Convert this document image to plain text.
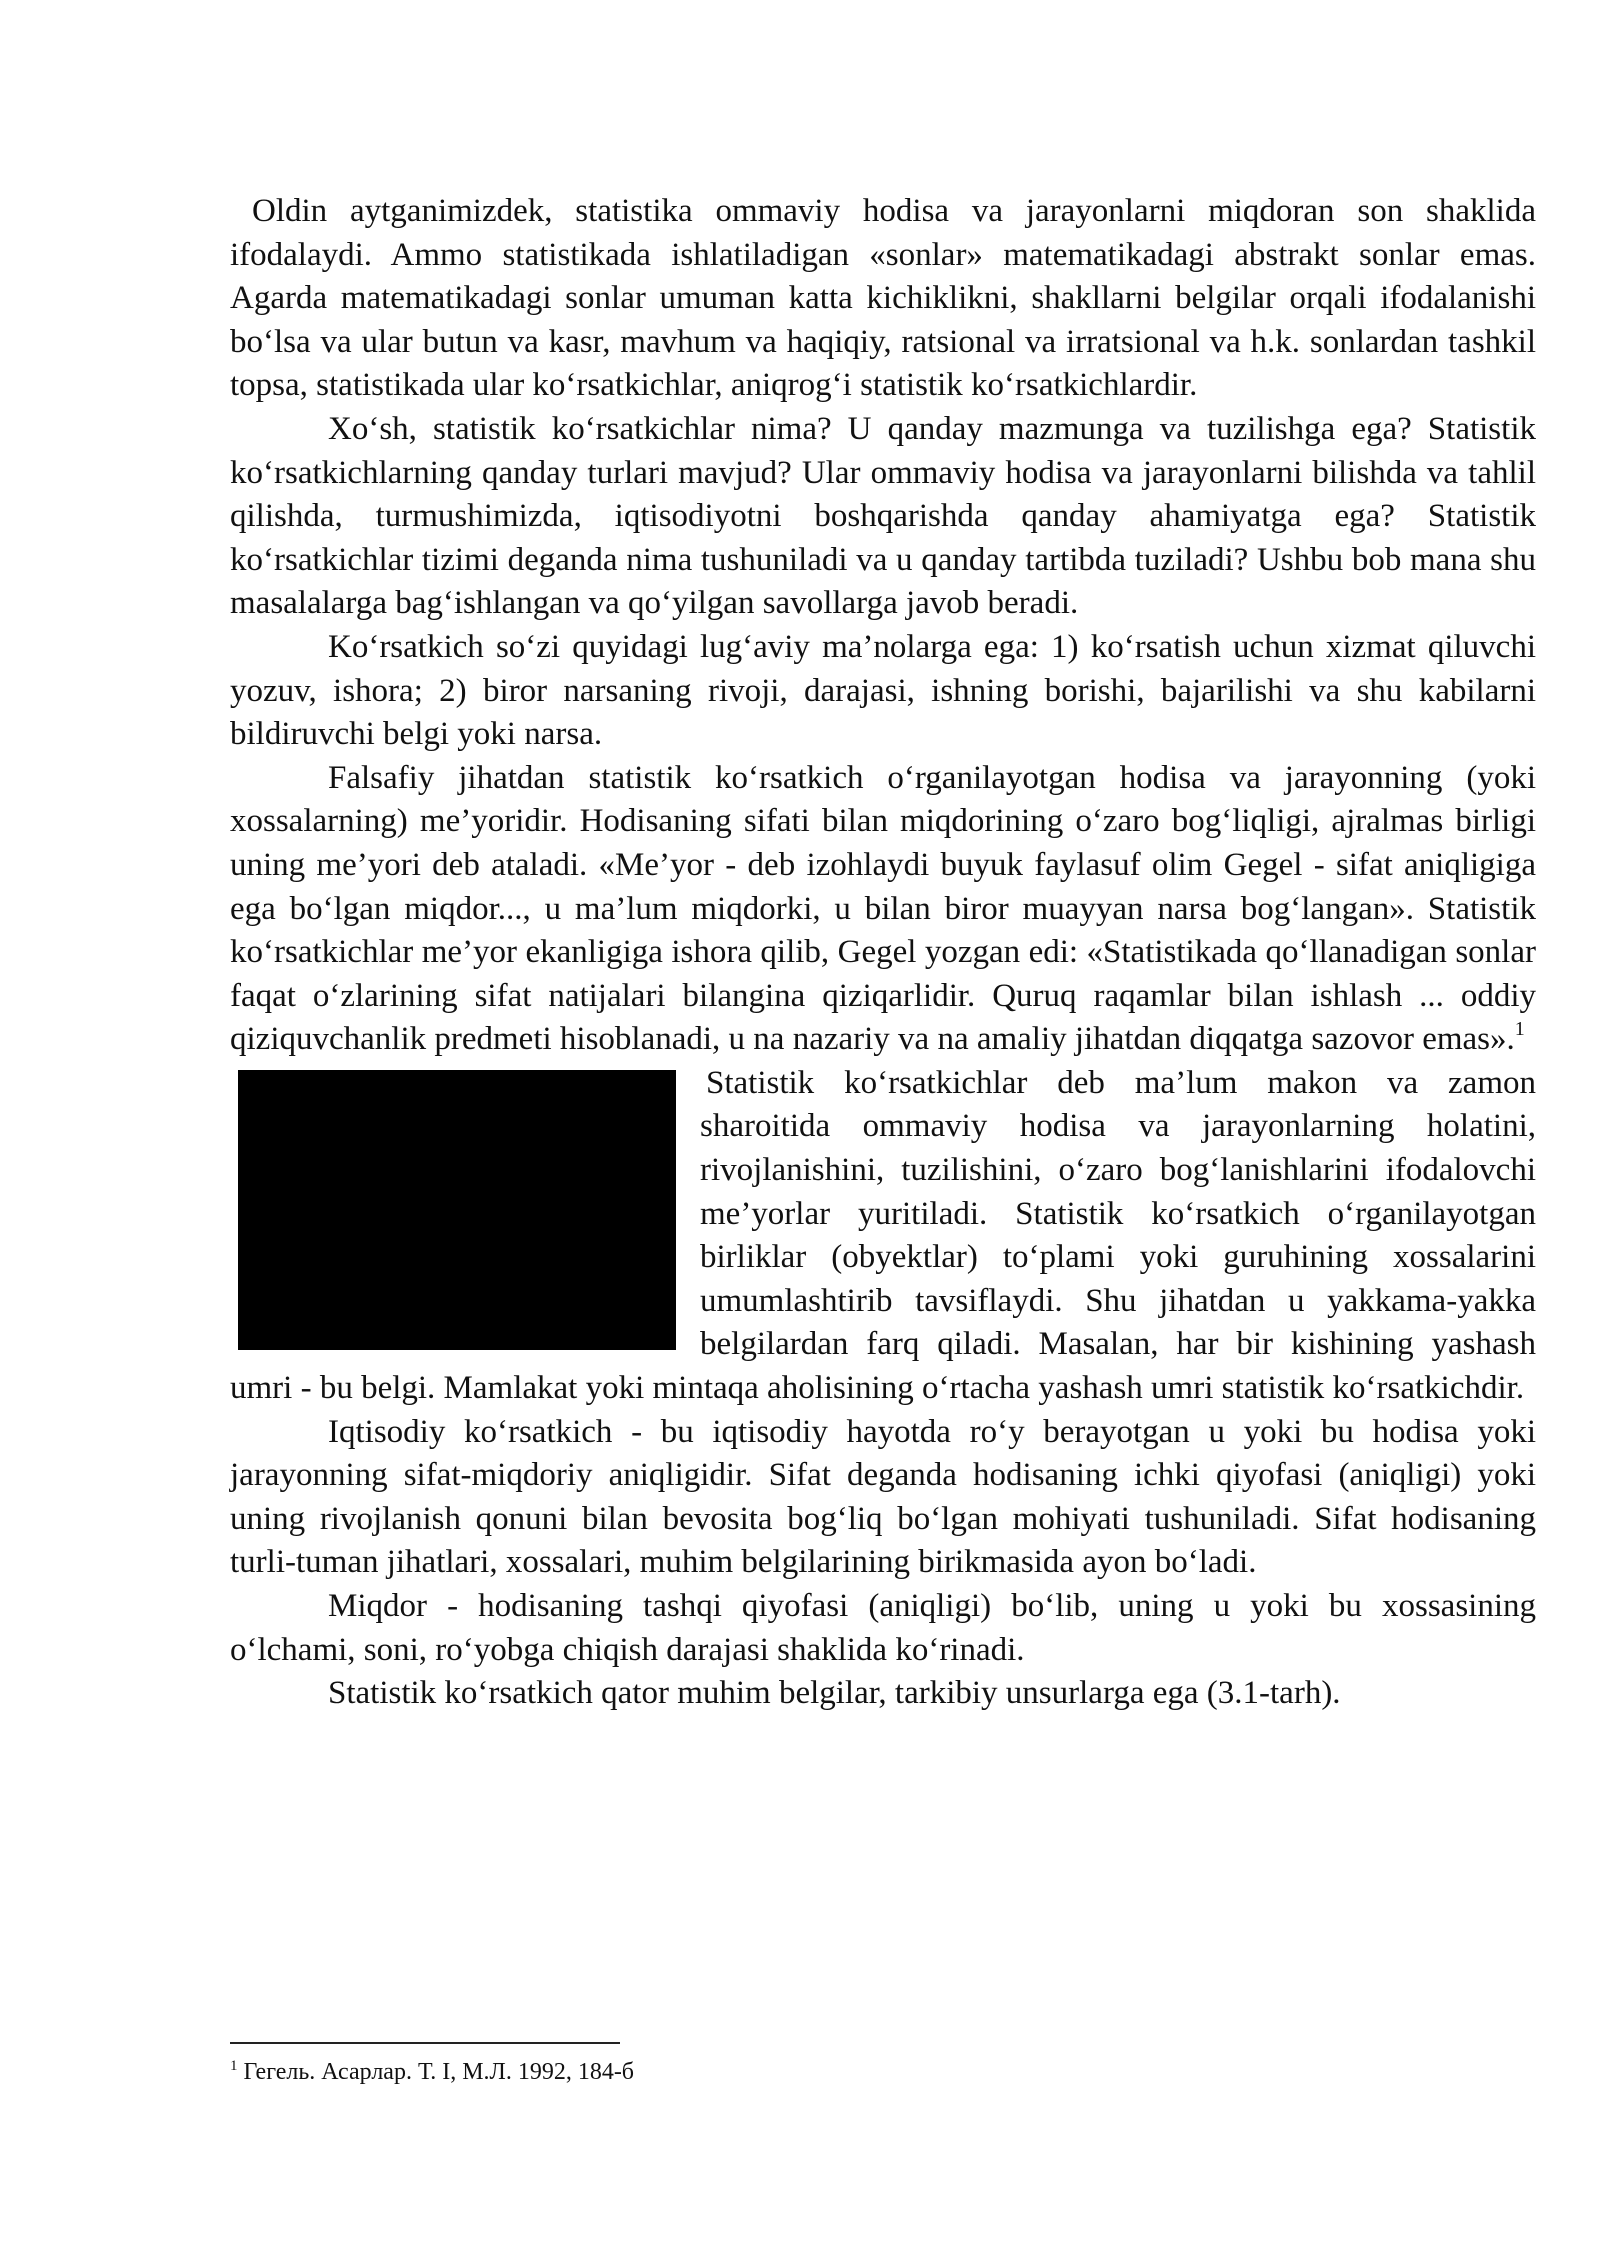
Oldin aytganimizdek, statistika ommaviy hodisa va jarayonlarni miqdoran son shaklida ifodalaydi. Ammo statistikada ishlatiladigan «sonlar» matematikadagi abstrakt sonlar emas. Agarda matematikadagi sonlar umuman katta kichiklikni, shakllarni belgilar orqali ifodalanishi bo‘lsa va ular butun va kasr, mavhum va haqiqiy, ratsional va irratsional va h.k. sonlardan tashkil topsa, statistikada ular ko‘rsatkichlar, aniqrog‘i statistik ko‘rsatkichlardir.

Xo‘sh, statistik ko‘rsatkichlar nima? U qanday mazmunga va tuzilishga ega? Statistik ko‘rsatkichlarning qanday turlari mavjud? Ular ommaviy hodisa va jarayonlarni bilishda va tahlil qilishda, turmushimizda, iqtisodiyotni boshqarishda qanday ahamiyatga ega? Statistik ko‘rsatkichlar tizimi deganda nima tushuniladi va u qanday tartibda tuziladi? Ushbu bob mana shu masalalarga bag‘ishlangan va qo‘yilgan savollarga javob beradi.

Ko‘rsatkich so‘zi quyidagi lug‘aviy ma’nolarga ega: 1) ko‘rsatish uchun xizmat qiluvchi yozuv, ishora; 2) biror narsaning rivoji, darajasi, ishning borishi, bajarilishi va shu kabilarni bildiruvchi belgi yoki narsa.

Falsafiy jihatdan statistik ko‘rsatkich o‘rganilayotgan hodisa va jarayonning (yoki xossalarning) me’yoridir. Hodisaning sifati bilan miqdorining o‘zaro bog‘liqligi, ajralmas birligi uning me’yori deb ataladi. «Me’yor - deb izohlaydi buyuk faylasuf olim Gegel - sifat aniqligiga ega bo‘lgan miqdor..., u ma’lum miqdorki, u bilan biror muayyan narsa bog‘langan». Statistik ko‘rsatkichlar me’yor ekanligiga ishora qilib, Gegel yozgan edi: «Statistikada qo‘llanadigan sonlar faqat o‘zlarining sifat natijalari bilangina qiziqarlidir. Quruq raqamlar bilan ishlash ... oddiy qiziquvchanlik predmeti hisoblanadi, u na nazariy va na amaliy jihatdan diqqatga sazovor emas».$^1$

Statistik ko‘rsatkichlar deb ma’lum makon va zamon sharoitida ommaviy hodisa va jarayonlarning holatini, rivojlanishini, tuzilishini, o‘zaro bog‘lanishlarini ifodalovchi me’yorlar yuritiladi. Statistik ko‘rsatkich o‘rganilayotgan birliklar (obyektlar) to‘plami yoki guruhining xossalarini umumlashtirib tavsiflaydi. Shu jihatdan u yakkama-yakka belgilardan farq qiladi. Masalan, har bir kishining yashash umri - bu belgi. Mamlakat yoki mintaqa aholisining o‘rtacha yashash umri statistik ko‘rsatkichdir.

Iqtisodiy ko‘rsatkich - bu iqtisodiy hayotda ro‘y berayotgan u yoki bu hodisa yoki jarayonning sifat-miqdoriy aniqligidir. Sifat deganda hodisaning ichki qiyofasi (aniqligi) yoki uning rivojlanish qonuni bilan bevosita bog‘liq bo‘lgan mohiyati tushuniladi. Sifat hodisaning turli-tuman jihatlari, xossalari, muhim belgilarining birikmasida ayon bo‘ladi.

Miqdor - hodisaning tashqi qiyofasi (aniqligi) bo‘lib, uning u yoki bu xossasining o‘lchami, soni, ro‘yobga chiqish darajasi shaklida ko‘rinadi.

Statistik ko‘rsatkich qator muhim belgilar, tarkibiy unsurlarga ega (3.1-tarh).

$^1$ Гегель. Асарлар. Т. I, М.Л. 1992, 184-б
